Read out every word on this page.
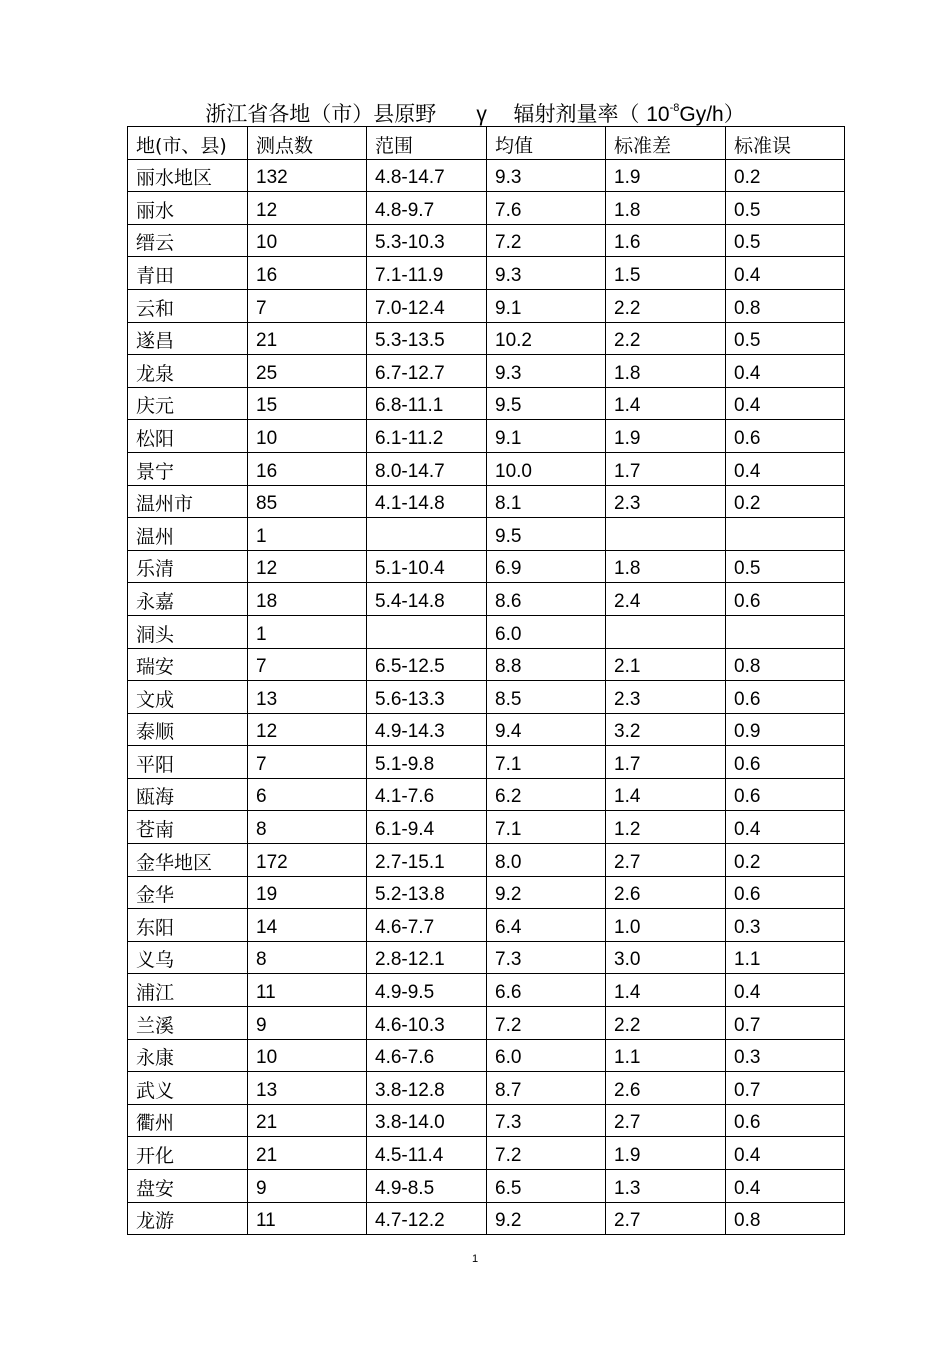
浙江省各地（市）县原野 γ 辐射剂量率（ $10^{-8}Gy/h$）
地(市、县)	测点数	范围	均值	标准差	标准误
丽水地区	132	4.8-14.7	9.3	1.9	0.2
丽水	12	4.8-9.7	7.6	1.8	0.5
缙云	10	5.3-10.3	7.2	1.6	0.5
青田	16	7.1-11.9	9.3	1.5	0.4
云和	7	7.0-12.4	9.1	2.2	0.8
遂昌	21	5.3-13.5	10.2	2.2	0.5
龙泉	25	6.7-12.7	9.3	1.8	0.4
庆元	15	6.8-11.1	9.5	1.4	0.4
松阳	10	6.1-11.2	9.1	1.9	0.6
景宁	16	8.0-14.7	10.0	1.7	0.4
温州市	85	4.1-14.8	8.1	2.3	0.2
温州	1		9.5		
乐清	12	5.1-10.4	6.9	1.8	0.5
永嘉	18	5.4-14.8	8.6	2.4	0.6
洞头	1		6.0		
瑞安	7	6.5-12.5	8.8	2.1	0.8
文成	13	5.6-13.3	8.5	2.3	0.6
泰顺	12	4.9-14.3	9.4	3.2	0.9
平阳	7	5.1-9.8	7.1	1.7	0.6
瓯海	6	4.1-7.6	6.2	1.4	0.6
苍南	8	6.1-9.4	7.1	1.2	0.4
金华地区	172	2.7-15.1	8.0	2.7	0.2
金华	19	5.2-13.8	9.2	2.6	0.6
东阳	14	4.6-7.7	6.4	1.0	0.3
义乌	8	2.8-12.1	7.3	3.0	1.1
浦江	11	4.9-9.5	6.6	1.4	0.4
兰溪	9	4.6-10.3	7.2	2.2	0.7
永康	10	4.6-7.6	6.0	1.1	0.3
武义	13	3.8-12.8	8.7	2.6	0.7
衢州	21	3.8-14.0	7.3	2.7	0.6
开化	21	4.5-11.4	7.2	1.9	0.4
盘安	9	4.9-8.5	6.5	1.3	0.4
龙游	11	4.7-12.2	9.2	2.7	0.8
1
